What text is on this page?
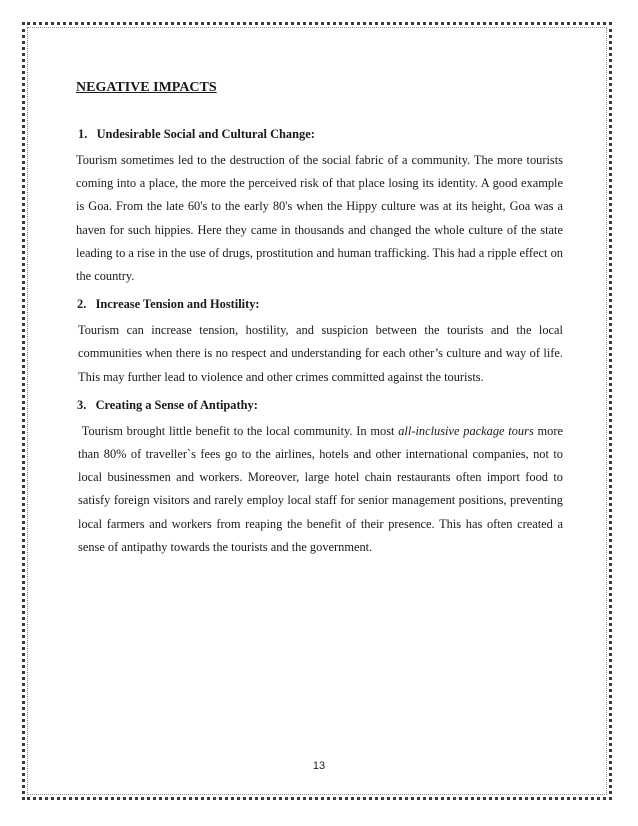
NEGATIVE IMPACTS

1.   Undesirable Social and Cultural Change:

Tourism sometimes led to the destruction of the social fabric of a community. The more tourists coming into a place, the more the perceived risk of that place losing its identity. A good example is Goa. From the late 60's to the early 80's when the Hippy culture was at its height, Goa was a haven for such hippies. Here they came in thousands and changed the whole culture of the state leading to a rise in the use of drugs, prostitution and human trafficking. This had a ripple effect on the country.

2.   Increase Tension and Hostility:

Tourism can increase tension, hostility, and suspicion between the tourists and the local communities when there is no respect and understanding for each other’s culture and way of life. This may further lead to violence and other crimes committed against the tourists.

3.   Creating a Sense of Antipathy:

Tourism brought little benefit to the local community. In most all-inclusive package tours more than 80% of traveller`s fees go to the airlines, hotels and other international companies, not to local businessmen and workers. Moreover, large hotel chain restaurants often import food to satisfy foreign visitors and rarely employ local staff for senior management positions, preventing local farmers and workers from reaping the benefit of their presence. This has often created a sense of antipathy towards the tourists and the government.

13
